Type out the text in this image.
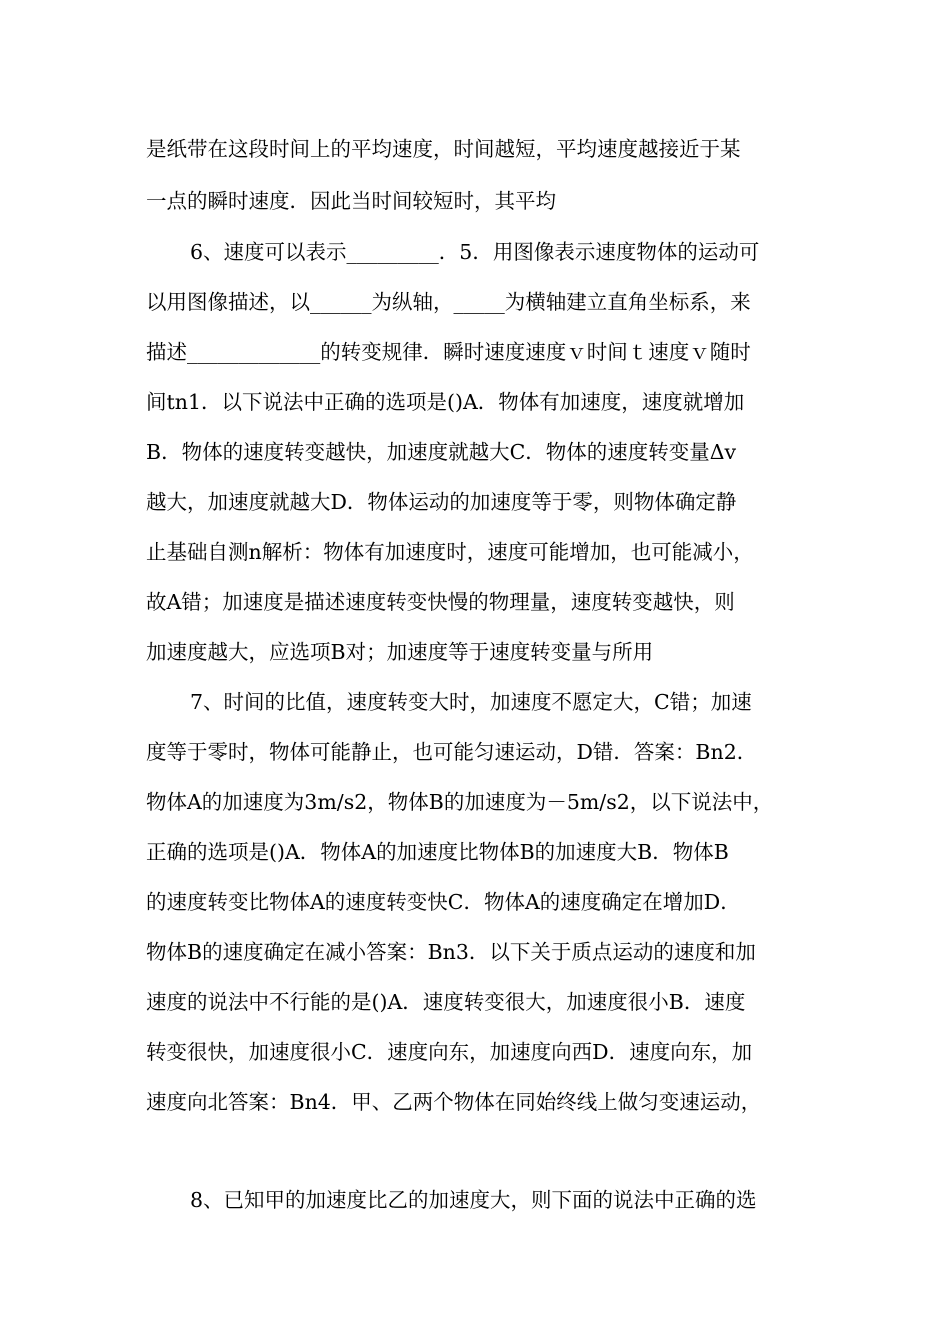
是纸带在这段时间上的平均速度，时间越短，平均速度越接近于某
一点的瞬时速度．因此当时间较短时，其平均
6、速度可以表示_________．5．用图像表示速度物体的运动可
以用图像描述，以______为纵轴，_____为横轴建立直角坐标系，来
描述_____________的转变规律．瞬时速度速度ｖ时间ｔ速度ｖ随时
间tn1．以下说法中正确的选项是()A．物体有加速度，速度就增加
B．物体的速度转变越快，加速度就越大C．物体的速度转变量Δv
越大，加速度就越大D．物体运动的加速度等于零，则物体确定静
止基础自测n解析：物体有加速度时，速度可能增加，也可能减小，
故A错；加速度是描述速度转变快慢的物理量，速度转变越快，则
加速度越大，应选项B对；加速度等于速度转变量与所用
7、时间的比值，速度转变大时，加速度不愿定大，C错；加速
度等于零时，物体可能静止，也可能匀速运动，D错．答案：Bn2．
物体A的加速度为3m/s2，物体B的加速度为－5m/s2，以下说法中，
正确的选项是()A．物体A的加速度比物体B的加速度大B．物体B
的速度转变比物体A的速度转变快C．物体A的速度确定在增加D．
物体B的速度确定在减小答案：Bn3．以下关于质点运动的速度和加
速度的说法中不行能的是()A．速度转变很大，加速度很小B．速度
转变很快，加速度很小C．速度向东，加速度向西D．速度向东，加
速度向北答案：Bn4．甲、乙两个物体在同始终线上做匀变速运动，
8、已知甲的加速度比乙的加速度大，则下面的说法中正确的选
